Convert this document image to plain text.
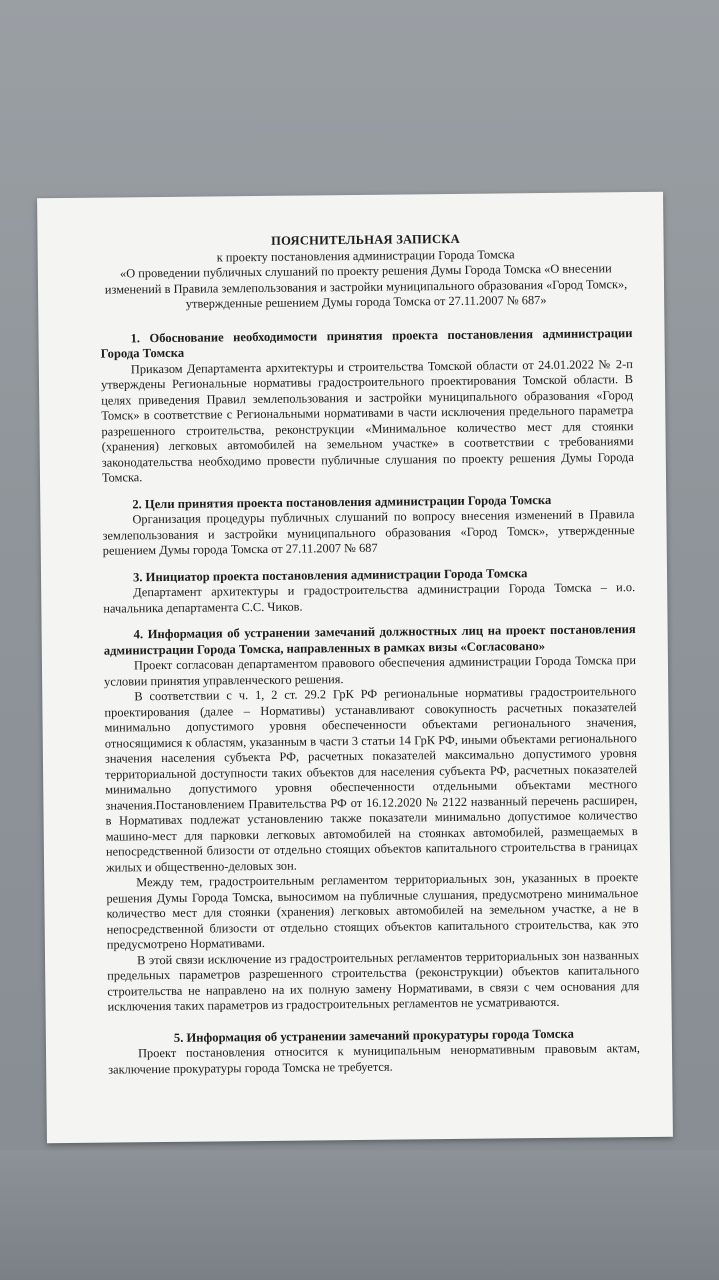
ПОЯСНИТЕЛЬНАЯ ЗАПИСКА
к проекту постановления администрации Города Томска
«О проведении публичных слушаний по проекту решения Думы Города Томска «О внесении изменений в Правила землепользования и застройки муниципального образования «Город Томск», утвержденные решением Думы города Томска от 27.11.2007 № 687»
1. Обоснование необходимости принятия проекта постановления администрации Города Томска

Приказом Департамента архитектуры и строительства Томской области от 24.01.2022 № 2-п утверждены Региональные нормативы градостроительного проектирования Томской области. В целях приведения Правил землепользования и застройки муниципального образования «Город Томск» в соответствие с Региональными нормативами в части исключения предельного параметра разрешенного строительства, реконструкции «Минимальное количество мест для стоянки (хранения) легковых автомобилей на земельном участке» в соответствии с требованиями законодательства необходимо провести публичные слушания по проекту решения Думы Города Томска.

2. Цели принятия проекта постановления администрации Города Томска

Организация процедуры публичных слушаний по вопросу внесения изменений в Правила землепользования и застройки муниципального образования «Город Томск», утвержденные решением Думы города Томска от 27.11.2007 № 687

3. Инициатор проекта постановления администрации Города Томска

Департамент архитектуры и градостроительства администрации Города Томска – и.о. начальника департамента С.С. Чиков.

4. Информация об устранении замечаний должностных лиц на проект постановления администрации Города Томска, направленных в рамках визы «Согласовано»

Проект согласован департаментом правового обеспечения администрации Города Томска при условии принятия управленческого решения.

В соответствии с ч. 1, 2 ст. 29.2 ГрК РФ региональные нормативы градостроительного проектирования (далее – Нормативы) устанавливают совокупность расчетных показателей минимально допустимого уровня обеспеченности объектами регионального значения, относящимися к областям, указанным в части 3 статьи 14 ГрК РФ, иными объектами регионального значения населения субъекта РФ, расчетных показателей максимально допустимого уровня территориальной доступности таких объектов для населения субъекта РФ, расчетных показателей минимально допустимого уровня обеспеченности отдельными объектами местного значения.Постановлением Правительства РФ от 16.12.2020 № 2122 названный перечень расширен, в Нормативах подлежат установлению также показатели минимально допустимое количество машино-мест для парковки легковых автомобилей на стоянках автомобилей, размещаемых в непосредственной близости от отдельно стоящих объектов капитального строительства в границах жилых и общественно-деловых зон.

Между тем, градостроительным регламентом территориальных зон, указанных в проекте решения Думы Города Томска, выносимом на публичные слушания, предусмотрено минимальное количество мест для стоянки (хранения) легковых автомобилей на земельном участке, а не в непосредственной близости от отдельно стоящих объектов капитального строительства, как это предусмотрено Нормативами.

В этой связи исключение из градостроительных регламентов территориальных зон названных предельных параметров разрешенного строительства (реконструкции) объектов капитального строительства не направлено на их полную замену Нормативами, в связи с чем основания для исключения таких параметров из градостроительных регламентов не усматриваются.

5. Информация об устранении замечаний прокуратуры города Томска

Проект постановления относится к муниципальным ненормативным правовым актам, заключение прокуратуры города Томска не требуется.
